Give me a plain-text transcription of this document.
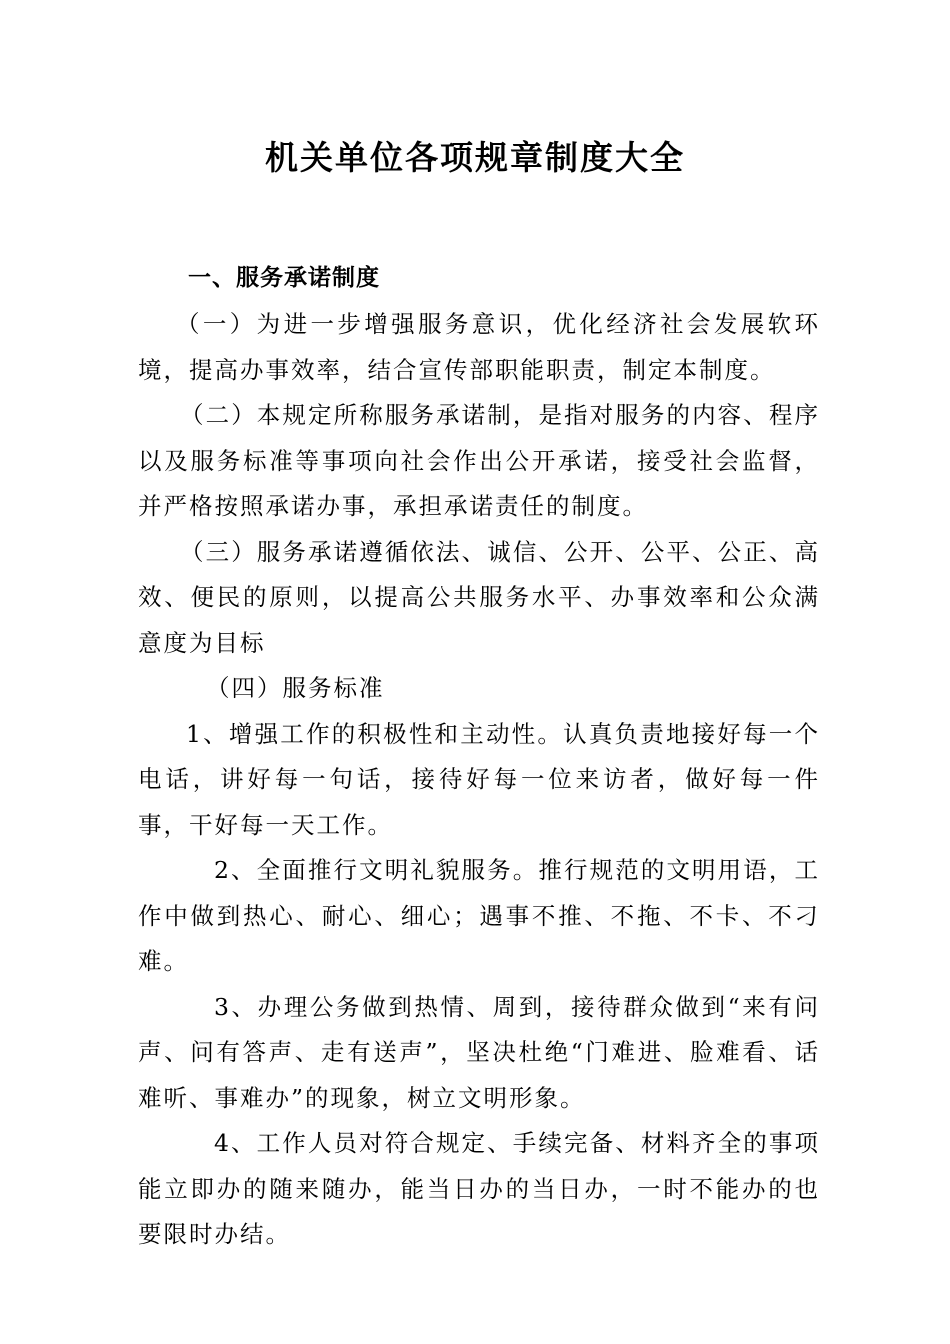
机关单位各项规章制度大全
一、服务承诺制度

（一）为进一步增强服务意识，优化经济社会发展软环境，提高办事效率，结合宣传部职能职责，制定本制度。

（二）本规定所称服务承诺制，是指对服务的内容、程序以及服务标准等事项向社会作出公开承诺，接受社会监督，并严格按照承诺办事，承担承诺责任的制度。

（三）服务承诺遵循依法、诚信、公开、公平、公正、高效、便民的原则，以提高公共服务水平、办事效率和公众满意度为目标

（四）服务标准

1、增强工作的积极性和主动性。认真负责地接好每一个电话，讲好每一句话，接待好每一位来访者，做好每一件事，干好每一天工作。

2、全面推行文明礼貌服务。推行规范的文明用语，工作中做到热心、耐心、细心；遇事不推、不拖、不卡、不刁难。

3、办理公务做到热情、周到，接待群众做到“来有问声、问有答声、走有送声”，坚决杜绝“门难进、脸难看、话难听、事难办”的现象，树立文明形象。

4、工作人员对符合规定、手续完备、材料齐全的事项能立即办的随来随办，能当日办的当日办，一时不能办的也要限时办结。
